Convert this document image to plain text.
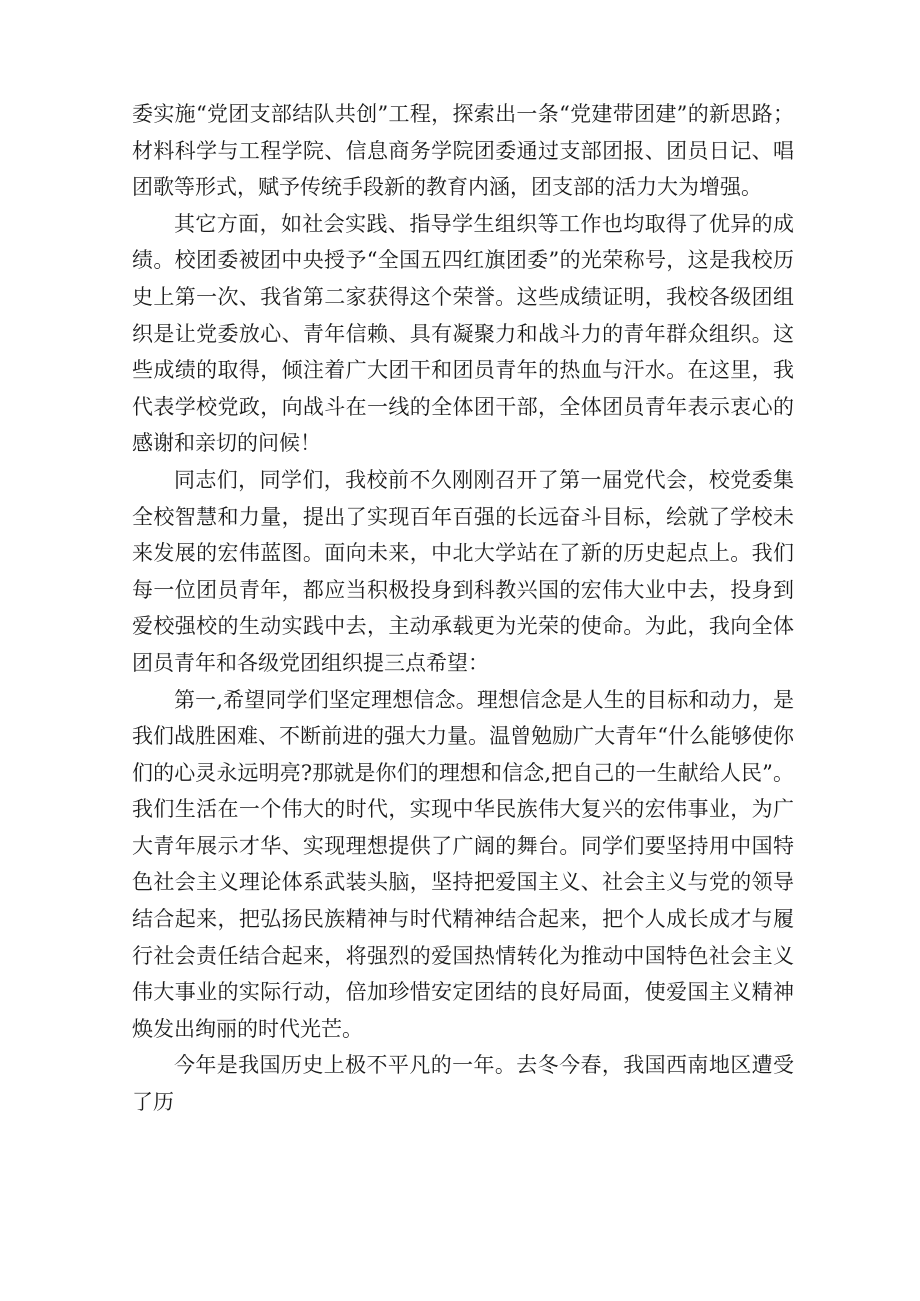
委实施“党团支部结队共创”工程，探索出一条“党建带团建”的新思路；材料科学与工程学院、信息商务学院团委通过支部团报、团员日记、唱团歌等形式，赋予传统手段新的教育内涵，团支部的活力大为增强。

其它方面，如社会实践、指导学生组织等工作也均取得了优异的成绩。校团委被团中央授予“全国五四红旗团委”的光荣称号，这是我校历史上第一次、我省第二家获得这个荣誉。这些成绩证明，我校各级团组织是让党委放心、青年信赖、具有凝聚力和战斗力的青年群众组织。这些成绩的取得，倾注着广大团干和团员青年的热血与汗水。在这里，我代表学校党政，向战斗在一线的全体团干部，全体团员青年表示衷心的感谢和亲切的问候！

同志们，同学们，我校前不久刚刚召开了第一届党代会，校党委集全校智慧和力量，提出了实现百年百强的长远奋斗目标，绘就了学校未来发展的宏伟蓝图。面向未来，中北大学站在了新的历史起点上。我们每一位团员青年，都应当积极投身到科教兴国的宏伟大业中去，投身到爱校强校的生动实践中去，主动承载更为光荣的使命。为此，我向全体团员青年和各级党团组织提三点希望：

第一,希望同学们坚定理想信念。理想信念是人生的目标和动力，是我们战胜困难、不断前进的强大力量。温曾勉励广大青年“什么能够使你们的心灵永远明亮?那就是你们的理想和信念,把自己的一生献给人民”。我们生活在一个伟大的时代，实现中华民族伟大复兴的宏伟事业，为广大青年展示才华、实现理想提供了广阔的舞台。同学们要坚持用中国特色社会主义理论体系武装头脑，坚持把爱国主义、社会主义与党的领导结合起来，把弘扬民族精神与时代精神结合起来，把个人成长成才与履行社会责任结合起来，将强烈的爱国热情转化为推动中国特色社会主义伟大事业的实际行动，倍加珍惜安定团结的良好局面，使爱国主义精神焕发出绚丽的时代光芒。

今年是我国历史上极不平凡的一年。去冬今春，我国西南地区遭受了历
